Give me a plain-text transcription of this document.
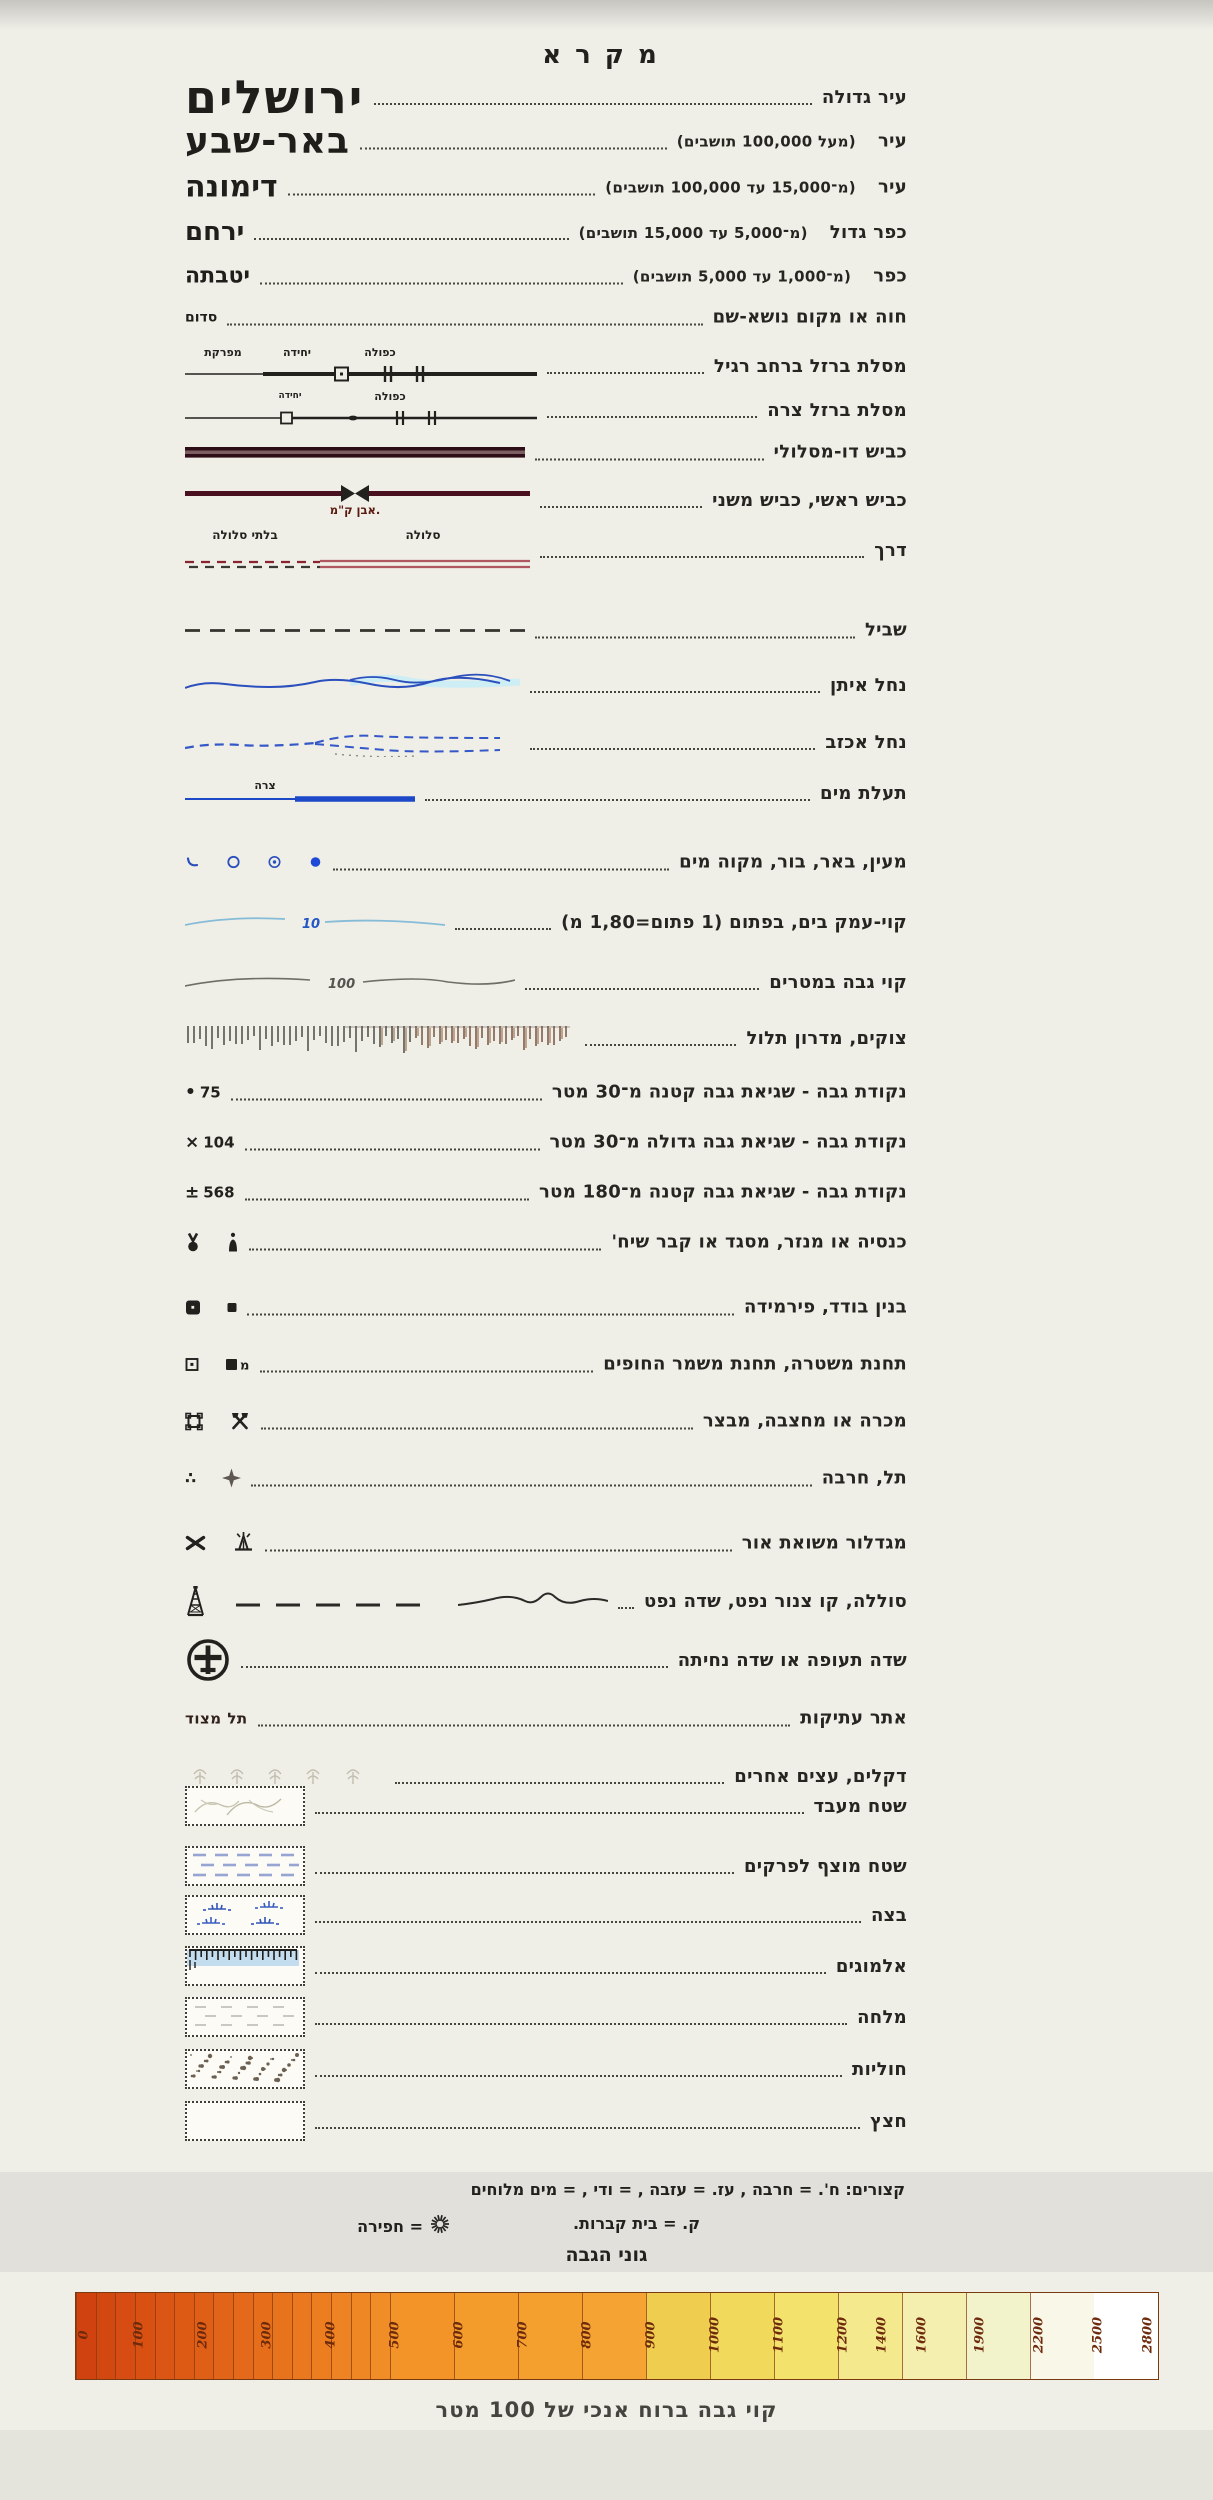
מקרא
עיר גדולה
ירושלים
עיר(מעל 100,000 תושבים)
באר-שבע
עיר(מ־15,000 עד 100,000 תושבים)
דימונה
כפר גדול(מ־5,000 עד 15,000 תושבים)
ירחם
כפר(מ־1,000 עד 5,000 תושבים)
יטבתה
חוה או מקום נושא-שם
סדום
מסלת ברזל ברחב רגיל
כפולה
יחידה
מפרקת
מסלת ברזל צרה
כפולה
יחידה
כביש דו-מסלולי
כביש ראשי, כביש משני
אבן ק"מ.
דרך
סלולה
בלתי סלולה
שביל
נחל איתן
נחל אכזב
תעלת מים
צרה
מעין, באר, בור, מקוה מים
קוי-עמק בים, בפתום (1 פתום=1,80 מ)
10
קוי גבה במטרים
100
צוקים, מדרון תלול
נקודת גבה - שגיאת גבה קטנה מ־30 מטר
• 75
נקודת גבה - שגיאת גבה גדולה מ־30 מטר
× 104
נקודת גבה - שגיאת גבה קטנה מ־180 מטר
± 568
כנסיה או מנזר, מסגד או קבר שיח'
בנין בודד, פירמידה
תחנת משטרה, תחנת משמר החופים
מ
מכרה או מחצבה, מבצר
תל, חרבה
∴
מגדלור משואת אור
סוללה, קו צנור נפט, שדה נפט
שדה תעופה או שדה נחיתה
אתר עתיקות
תל מצוד
דקלים, עצים אחרים
שטח מעבד
שטח מוצף לפרקים
בצה
אלמוגים
מלחה
חוליות
חצץ
קצורים: ח'. = חרבה , עז. = עזבה , = ודי , = מים מלוחים
ק. = בית קברות.
= חפירה
גוני הגבה
0	100	200	300	400	500	600	700	800	900	1000	1100	1200 1400 1600	1900	2200	2500	2800
קוי גבה ברוח אנכי של 100 מטר
